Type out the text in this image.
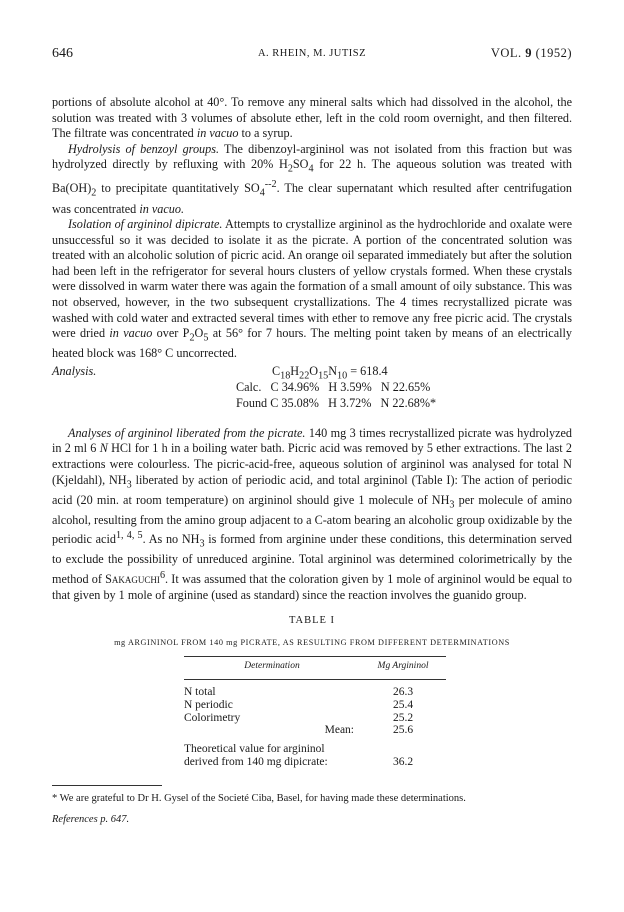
646	A. RHEIN, M. JUTISZ	VOL. 9 (1952)

portions of absolute alcohol at 40°. To remove any mineral salts which had dissolved in the alcohol, the solution was treated with 3 volumes of absolute ether, left in the cold room overnight, and then filtered. The filtrate was concentrated in vacuo to a syrup.

Hydrolysis of benzoyl groups. The dibenzoyl-arginінol was not isolated from this fraction but was hydrolyzed directly by refluxing with 20% $H_2SO_4$ for 22 h. The aqueous solution was treated with $Ba(OH)_2$ to precipitate quantitatively $SO_4^{--2}$. The clear supernatant which resulted after centrifugation was concentrated in vacuo.

Isolation of argininol dipicrate. Attempts to crystallize argininol as the hydrochloride and oxalate were unsuccessful so it was decided to isolate it as the picrate. A portion of the concentrated solution was treated with an alcoholic solution of picric acid. An orange oil separated immediately but after the solution had been left in the refrigerator for several hours clusters of yellow crystals formed. When these crystals were dissolved in warm water there was again the formation of a small amount of oily substance. This was not observed, however, in the two subsequent crystallizations. The 4 times recrystallized picrate was washed with cold water and extracted several times with ether to remove any free picric acid. The crystals were dried in vacuo over $P_2O_5$ at 56° for 7 hours. The melting point taken by means of an electrically heated block was 168° C uncorrected.

Analysis.	$C_{18}H_{22}O_{15}N_{10} = 618.4$
Calc.   C 34.96%   H 3.59%   N 22.65%
Found C 35.08%   H 3.72%   N 22.68%*

Analyses of argininol liberated from the picrate. 140 mg 3 times recrystallized picrate was hydrolyzed in 2 ml 6 N HCl for 1 h in a boiling water bath. Picric acid was removed by 5 ether extractions. The last 2 extractions were colourless. The picric-acid-free, aqueous solution of argininol was analysed for total N (Kjeldahl), $NH_3$ liberated by action of periodic acid, and total argininol (Table I): The action of periodic acid (20 min. at room temperature) on argininol should give 1 molecule of $NH_3$ per molecule of amino alcohol, resulting from the amino group adjacent to a C-atom bearing an alcoholic group oxidizable by the periodic acid$^{1, 4, 5}$. As no $NH_3$ is formed from arginine under these conditions, this determination served to exclude the possibility of unreduced arginine. Total argininol was determined colorimetrically by the method of Sakaguchi$^6$. It was assumed that the coloration given by 1 mole of argininol would be equal to that given by 1 mole of arginine (used as standard) since the reaction involves the guanido group.

TABLE I
mg ARGININOL FROM 140 mg PICRATE, AS RESULTING FROM DIFFERENT DETERMINATIONS
Determination	Mg Argininol

N total	26.3
N periodic	25.4
Colorimetry	25.2
Mean:	25.6

Theoretical value for argininol
derived from 140 mg dipicrate:	36.2
* We are grateful to Dr H. Gysel of the Societé Ciba, Basel, for having made these determinations.
References p. 647.
